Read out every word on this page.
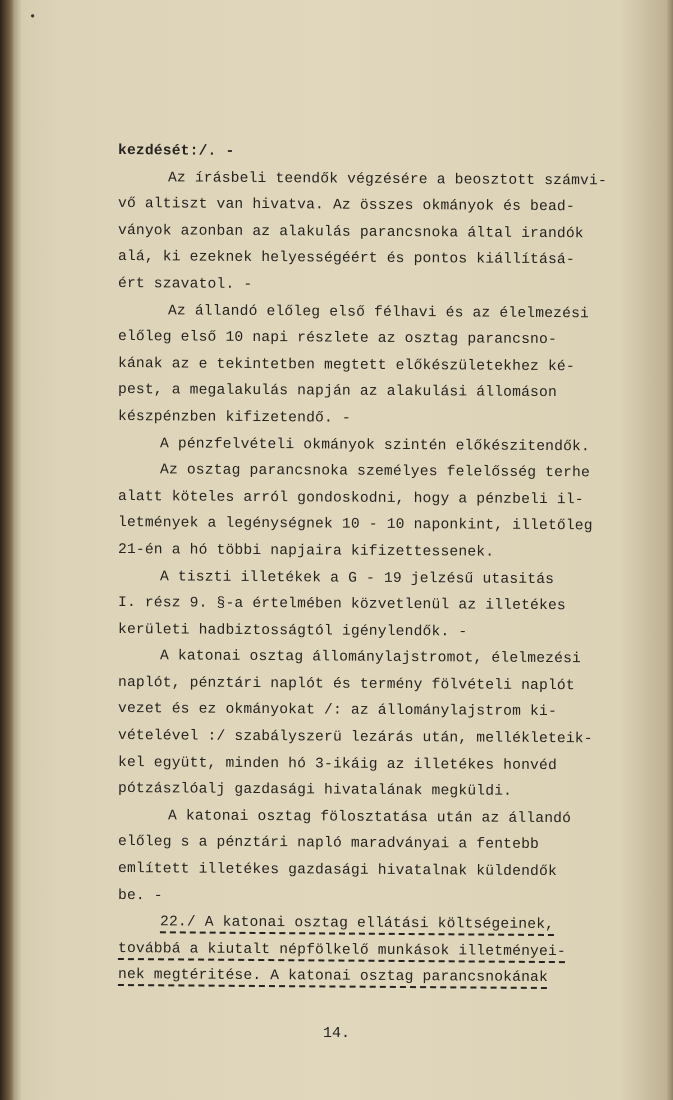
•
kezdését:/. -
Az írásbeli teendők végzésére a beosztott számvi-
vő altiszt van hivatva. Az összes okmányok és bead-
ványok azonban az alakulás parancsnoka által irandók
alá, ki ezeknek helyességéért és pontos kiállításá-
ért szavatol. -
Az állandó előleg első félhavi és az élelmezési
előleg első 10 napi részlete az osztag parancsno-
kának az e tekintetben megtett előkészületekhez ké-
pest, a megalakulás napján az alakulási állomáson
készpénzben kifizetendő. -
A pénzfelvételi okmányok szintén előkészitendők.
Az osztag parancsnoka személyes felelősség terhe
alatt köteles arról gondoskodni, hogy a pénzbeli il-
letmények a legénységnek 10 - 10 naponkint, illetőleg
21-én a hó többi napjaira kifizettessenek.
A tiszti illetékek a G - 19 jelzésű utasitás
I. rész 9. §-a értelmében közvetlenül az illetékes
kerületi hadbiztosságtól igénylendők. -
A katonai osztag állománylajstromot, élelmezési
naplót, pénztári naplót és termény fölvételi naplót
vezet és ez okmányokat /: az állománylajstrom ki-
vételével :/ szabályszerü lezárás után, mellékleteik-
kel együtt, minden hó 3-ikáig az illetékes honvéd
pótzászlóalj gazdasági hivatalának megküldi.
A katonai osztag fölosztatása után az állandó
előleg s a pénztári napló maradványai a fentebb
említett illetékes gazdasági hivatalnak küldendők
be. -
22./ A katonai osztag ellátási költségeinek,
továbbá a kiutalt népfölkelő munkások illetményei-
nek megtéritése. A katonai osztag parancsnokának
14.
